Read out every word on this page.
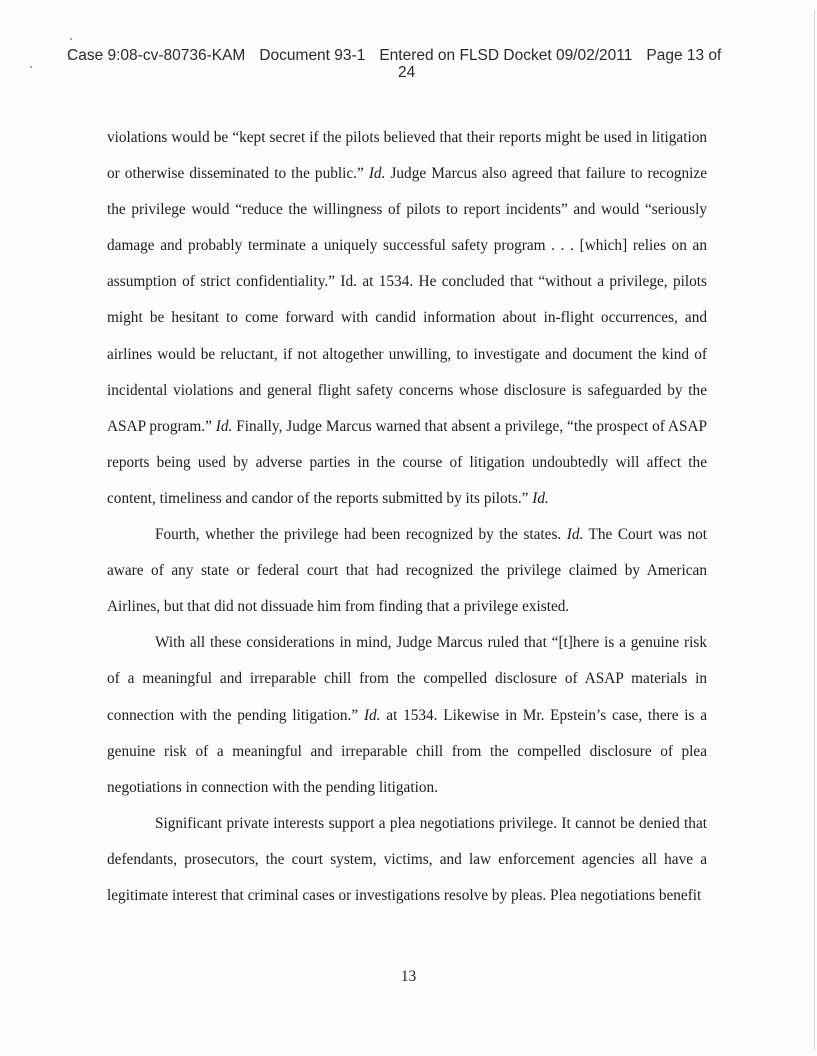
Case 9:08-cv-80736-KAM Document 93-1 Entered on FLSD Docket 09/02/2011 Page 13 of
24

violations would be “kept secret if the pilots believed that their reports might be used in litigation or otherwise disseminated to the public.” Id. Judge Marcus also agreed that failure to recognize the privilege would “reduce the willingness of pilots to report incidents” and would “seriously damage and probably terminate a uniquely successful safety program . . . [which] relies on an assumption of strict confidentiality.” Id. at 1534. He concluded that “without a privilege, pilots might be hesitant to come forward with candid information about in-flight occurrences, and airlines would be reluctant, if not altogether unwilling, to investigate and document the kind of incidental violations and general flight safety concerns whose disclosure is safeguarded by the ASAP program.” Id. Finally, Judge Marcus warned that absent a privilege, “the prospect of ASAP reports being used by adverse parties in the course of litigation undoubtedly will affect the content, timeliness and candor of the reports submitted by its pilots.” Id.

Fourth, whether the privilege had been recognized by the states. Id. The Court was not aware of any state or federal court that had recognized the privilege claimed by American Airlines, but that did not dissuade him from finding that a privilege existed.

With all these considerations in mind, Judge Marcus ruled that “[t]here is a genuine risk of a meaningful and irreparable chill from the compelled disclosure of ASAP materials in connection with the pending litigation.” Id. at 1534. Likewise in Mr. Epstein’s case, there is a genuine risk of a meaningful and irreparable chill from the compelled disclosure of plea negotiations in connection with the pending litigation.

Significant private interests support a plea negotiations privilege. It cannot be denied that defendants, prosecutors, the court system, victims, and law enforcement agencies all have a legitimate interest that criminal cases or investigations resolve by pleas. Plea negotiations benefit

13
